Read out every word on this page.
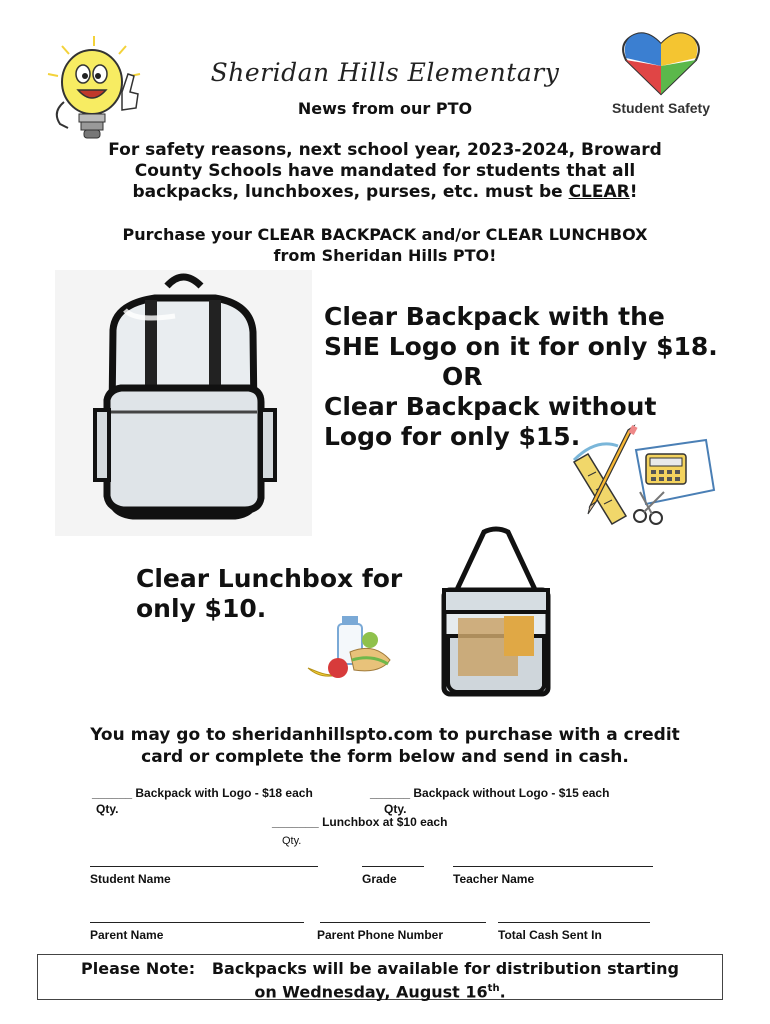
Student Safety
Sheridan Hills Elementary
News from our PTO
For safety reasons, next school year, 2023-2024, Broward
County Schools have mandated for students that all
backpacks, lunchboxes, purses, etc. must be CLEAR!
Purchase your CLEAR BACKPACK and/or CLEAR LUNCHBOX
from Sheridan Hills PTO!
Clear Backpack with the
SHE Logo on it for only $18.
OR
Clear Backpack without
Logo for only $15.
Clear Lunchbox for
only $10.
You may go to sheridanhillspto.com to purchase with a credit
card or complete the form below and send in cash.
______ Backpack with Logo - $18 each
Qty.
______ Backpack without Logo - $15 each
Qty.
_______ Lunchbox at $10 each
Qty.
Student Name	Grade	Teacher Name
Parent Name	Parent Phone Number	Total Cash Sent In
Please Note: Backpacks will be available for distribution starting
on Wednesday, August 16th.
